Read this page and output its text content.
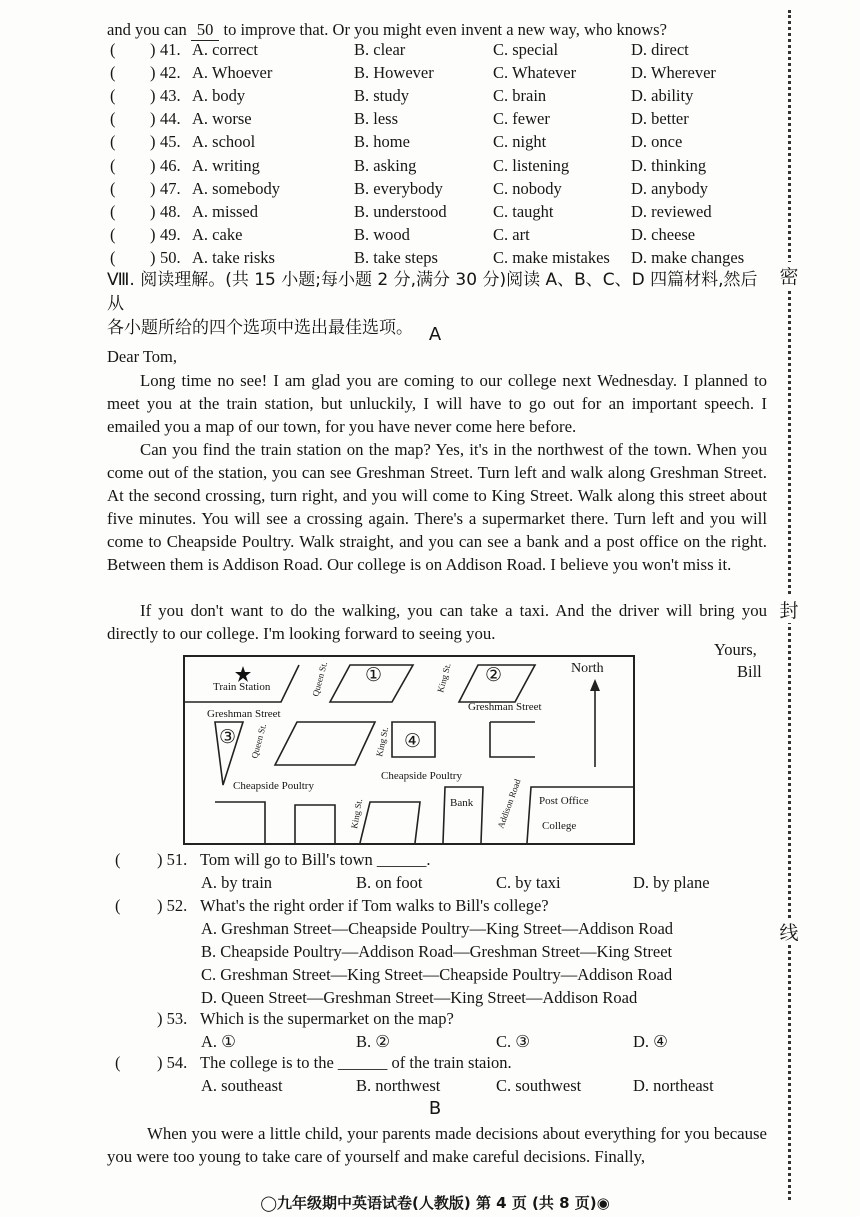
密
封
线
and you can 50 to improve that. Or you might even invent a new way, who knows?
(	41. A. correct	B. clear	C. special	D. direct
)
(	42. A. Whoever	B. However	C. Whatever	D. Wherever
)
(	43. A. body	B. study	C. brain	D. ability
)
(	44. A. worse	B. less	C. fewer	D. better
)
(	45. A. school	B. home	C. night	D. once
)
(	46. A. writing	B. asking	C. listening	D. thinking
)
(	47. A. somebody	B. everybody	C. nobody	D. anybody
)
(	48. A. missed	B. understood	C. taught	D. reviewed
)
(	49. A. cake	B. wood	C. art	D. cheese
)
(	50. A. take risks	B. take steps	C. make mistakes D. make changes
)
Ⅷ. 阅读理解。(共 15 小题;每小题 2 分,满分 30 分)阅读 A、B、C、D 四篇材料,然后从
各小题所给的四个选项中选出最佳选项。 A
Dear Tom,
Long time no see! I am glad you are coming to our college next Wednesday. I planned to meet you at the train station, but unluckily, I will have to go out for an important speech. I emailed you a map of our town, for you have never come here before.
Can you find the train station on the map? Yes, it's in the northwest of the town. When you come out of the station, you can see Greshman Street. Turn left and walk along Greshman Street. At the second crossing, turn right, and you will come to King Street. Walk along this street about five minutes. You will see a crossing again. There's a supermarket there. Turn left and you will come to Cheapside Poultry. Walk straight, and you can see a bank and a post office on the right. Between them is Addison Road. Our college is on Addison Road. I believe you won't miss it.
If you don't want to do the walking, you can take a taxi. And the driver will bring you directly to our college. I'm looking forward to seeing you.
Yours,
Bill
Train Station
Greshman Street
Greshman Street
Cheapside Poultry
Cheapside Poultry
Bank	Post Office
College
North
Queen St.
Queen St.
King St.
King St.
King St.	Addison Road
①	②
③	④
( ) 51. Tom will go to Bill's town ______.
A. by train	B. on foot	C. by taxi	D. by plane
( ) 52. What's the right order if Tom walks to Bill's college?
A. Greshman Street—Cheapside Poultry—King Street—Addison Road
B. Cheapside Poultry—Addison Road—Greshman Street—King Street
C. Greshman Street—King Street—Cheapside Poultry—Addison Road
D. Queen Street—Greshman Street—King Street—Addison Road
) 53. Which is the supermarket on the map?
A. ①	B. ②	C. ③	D. ④
( ) 54. The college is to the ______ of the train staion.
A. southeast	B. northwest	C. southwest	D. northeast
B
When you were a little child, your parents made decisions about everything for you because you were too young to take care of yourself and make careful decisions. Finally,
◯九年级期中英语试卷(人教版) 第 4 页 (共 8 页)◉
